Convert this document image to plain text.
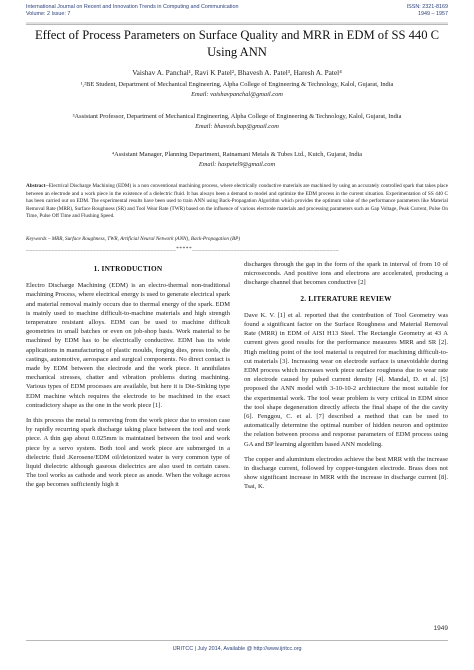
International Journal on Recent and Innovation Trends in Computing and Communication
Volume: 2 Issue: 7
ISSN: 2321-8169
1949 – 1957
Effect of Process Parameters on Surface Quality and MRR in EDM of SS 440 C Using ANN
Vaishav A. Panchal¹, Ravi K Patel², Bhavesh A. Patel³, Haresh A. Patel⁴
¹,²BE Student, Department of Mechanical Engineering, Alpha College of Engineering & Technology, Kalol, Gujarat, India
Email: vaishavpanchal@gmail.com
³Assistant Professor, Department of Mechanical Engineering, Alpha College of Engineering & Technology, Kalol, Gujarat, India
Email: bhavesh.bap@gmail.com
⁴Assistant Manager, Planning Department, Ratnamani Metals & Tubes Ltd., Kutch, Gujarat, India
Email: haspetel9@gmail.com
Abstract--Electrical Discharge Machining (EDM) is a non conventional machining process, where electrically conductive materials are machined by using an accurately controlled spark that takes place between an electrode and a work piece in the existence of a dielectric fluid. It has always been a demand to model and optimize the EDM process in the current situation. Experimentation of SS 440 C has been carried out on EDM. The experimental results have been used to train ANN using Back-Propagation Algorithm which provides the optimum value of the performance parameters like Material Removal Rate (MRR), Surface Roughness (SR) and Tool Wear Rate (TWR) based on the influence of various electrode materials and processing parameters such as Gap Voltage, Peak Current, Pulse On Time, Pulse Off Time and Flushing Speed.
Keywords – MRR, Surface Roughness, TWR, Artificial Neural Network (ANN), Back-Propagation (BP)
_______________________________________________*****______________________________________________
1. INTRODUCTION

Electro Discharge Machining (EDM) is an electro-thermal non-traditional machining Process, where electrical energy is used to generate electrical spark and material removal mainly occurs due to thermal energy of the spark. EDM is mainly used to machine difficult-to-machine materials and high strength temperature resistant alloys. EDM can be used to machine difficult geometries in small batches or even on job-shop basis. Work material to be machined by EDM has to be electrically conductive. EDM has its wide applications in manufacturing of plastic moulds, forging dies, press tools, die castings, automotive, aerospace and surgical components. No direct contact is made by EDM between the electrode and the work piece. It annihilates mechanical stresses, chatter and vibration problems during machining. Various types of EDM processes are available, but here it is Die-Sinking type EDM machine which requires the electrode to be machined in the exact contradictory shape as the one in the work piece [1].

In this process the metal is removing from the work piece due to erosion case by rapidly recurring spark discharge taking place between the tool and work piece. A thin gap about 0.025mm is maintained between the tool and work piece by a servo system. Both tool and work piece are submerged in a dielectric fluid .Kerosene/EDM oil/deionized water is very common type of liquid dielectric although gaseous dielectrics are also used in certain cases. The tool works as cathode and work piece as anode. When the voltage across the gap becomes sufficiently high it

discharges through the gap in the form of the spark in interval of from 10 of microseconds. And positive ions and electrons are accelerated, producing a discharge channel that becomes conductive [2]

2. LITERATURE REVIEW

Dave K. V. [1] et al. reported that the contribution of Tool Geometry was found a significant factor on the Surface Roughness and Material Removal Rate (MRR) in EDM of AISI H13 Steel. The Rectangle Geometry at 43 A current gives good results for the performance measures MRR and SR [2]. High melting point of the tool material is required for machining difficult-to-cut materials [3]. Increasing wear on electrode surface is unavoidable during EDM process which increases work piece surface roughness due to wear rate on electrode caused by pulsed current density [4]. Mandal, D. et al. [5] proposed the ANN model with 3-10-10-2 architecture the most suitable for the experimental work. The tool wear problem is very critical in EDM since the tool shape degeneration directly affects the final shape of the die cavity [6]. Fenggou, C. et al. [7] described a method that can be used to automatically determine the optimal number of hidden neuron and optimize the relation between process and response parameters of EDM process using GA and BP learning algorithm based ANN modeling.

The copper and aluminium electrodes achieve the best MRR with the increase in discharge current, followed by copper-tungsten electrode. Brass does not show significant increase in MRR with the increase in discharge current [8]. Tsai, K.

1949
IJRITCC | July 2014, Available @ http://www.ijritcc.org
